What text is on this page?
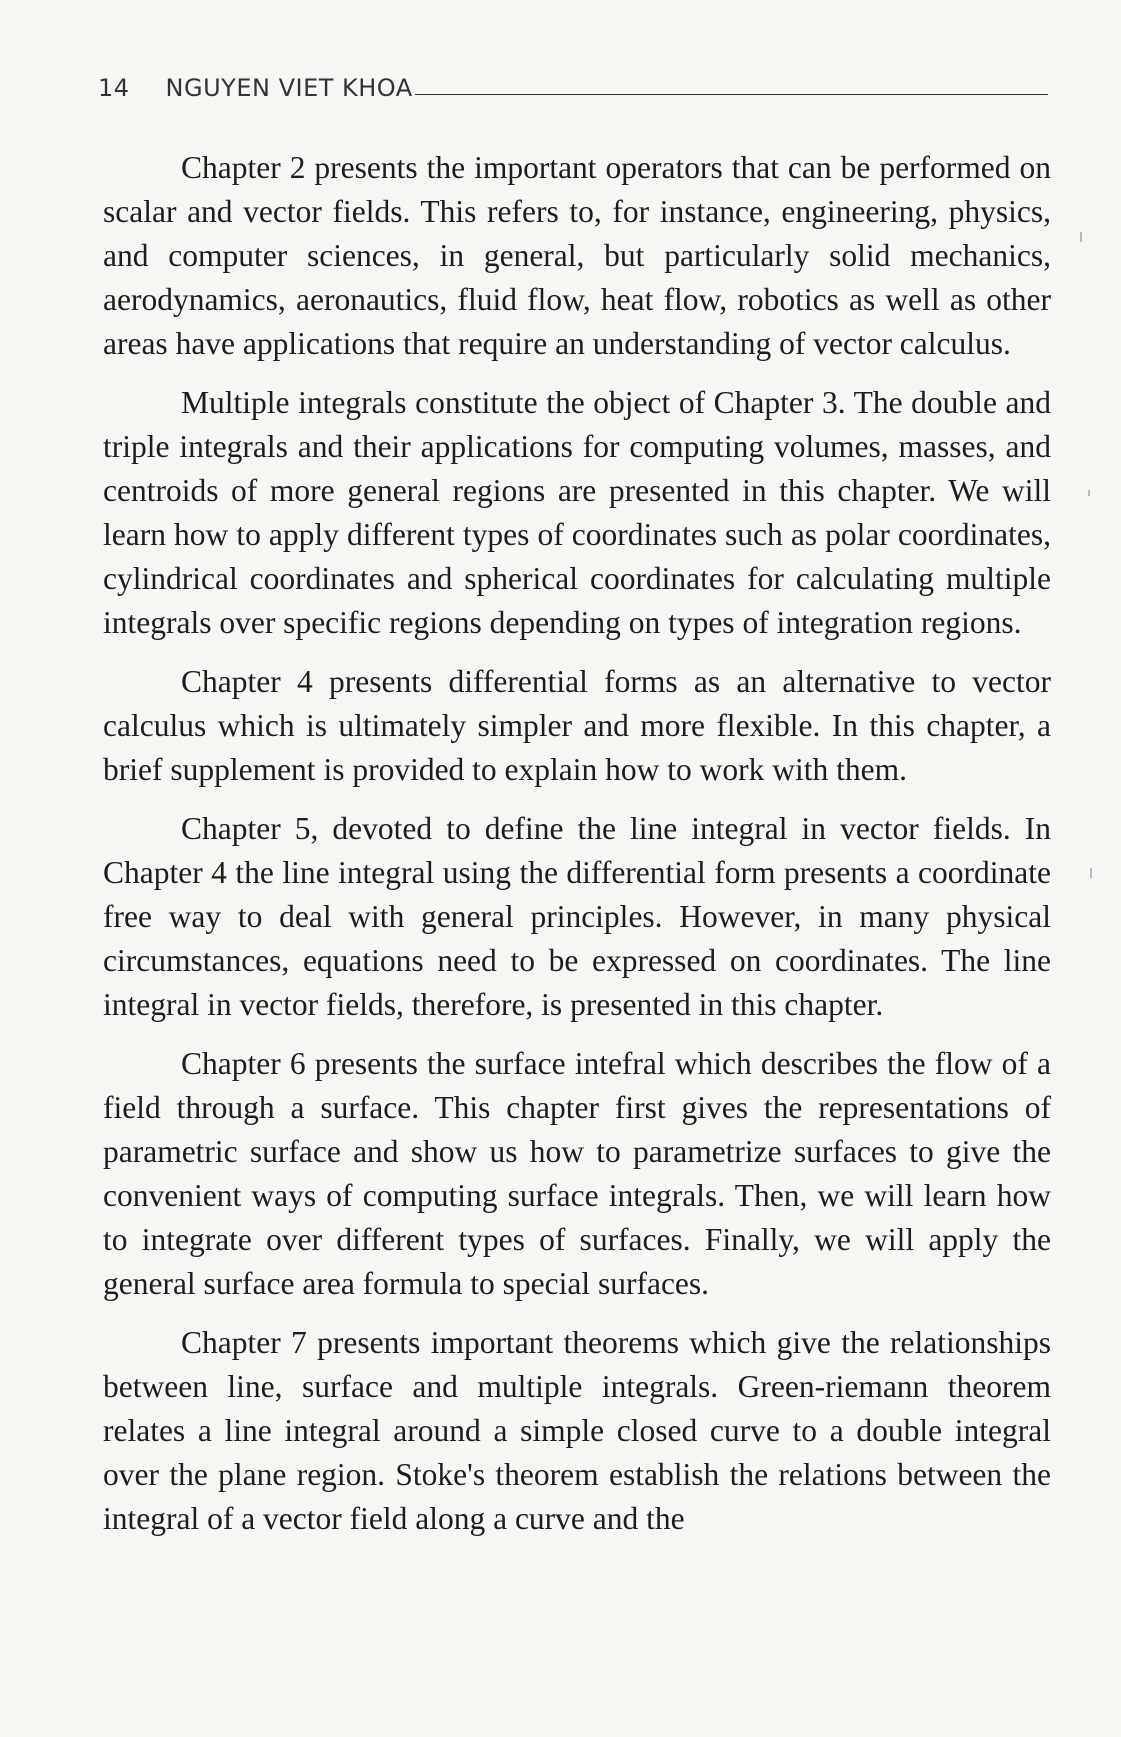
14 NGUYEN VIET KHOA

Chapter 2 presents the important operators that can be performed on scalar and vector fields. This refers to, for instance, engineering, physics, and computer sciences, in general, but particularly solid mechanics, aerodynamics, aeronautics, fluid flow, heat flow, robotics as well as other areas have applications that require an understanding of vector calculus.

Multiple integrals constitute the object of Chapter 3. The double and triple integrals and their applications for computing volumes, masses, and centroids of more general regions are presented in this chapter. We will learn how to apply different types of coordinates such as polar coordinates, cylindrical coordinates and spherical coordinates for calculating multiple integrals over specific regions depending on types of integration regions.

Chapter 4 presents differential forms as an alternative to vector calculus which is ultimately simpler and more flexible. In this chapter, a brief supplement is provided to explain how to work with them.

Chapter 5, devoted to define the line integral in vector fields. In Chapter 4 the line integral using the differential form presents a coordinate free way to deal with general principles. However, in many physical circumstances, equations need to be expressed on coordinates. The line integral in vector fields, therefore, is presented in this chapter.

Chapter 6 presents the surface intefral which describes the flow of a field through a surface. This chapter first gives the representations of parametric surface and show us how to parametrize surfaces to give the convenient ways of computing surface integrals. Then, we will learn how to integrate over different types of surfaces. Finally, we will apply the general surface area formula to special surfaces.

Chapter 7 presents important theorems which give the relationships between line, surface and multiple integrals. Green-riemann theorem relates a line integral around a simple closed curve to a double integral over the plane region. Stoke's theorem establish the relations between the integral of a vector field along a curve and the
